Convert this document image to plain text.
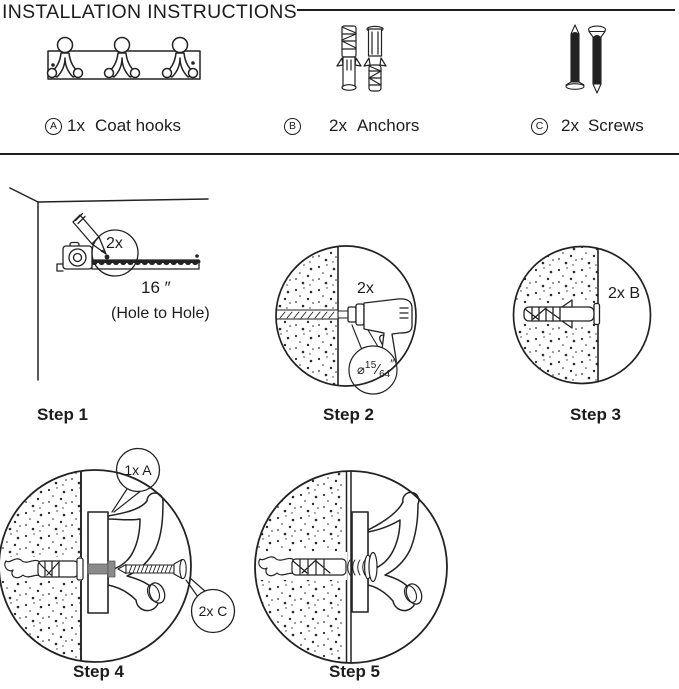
INSTALLATION INSTRUCTIONS
A 1x Coat hooks	B 2x Anchors	C 2x Screws
2x
16 ″
(Hole to Hole)
Step 1
2x
⌀ $^{15}$ ⁄ 64 ″
Step 2
2x B
Step 3
1x A
2x C
Step 4	Step 5
